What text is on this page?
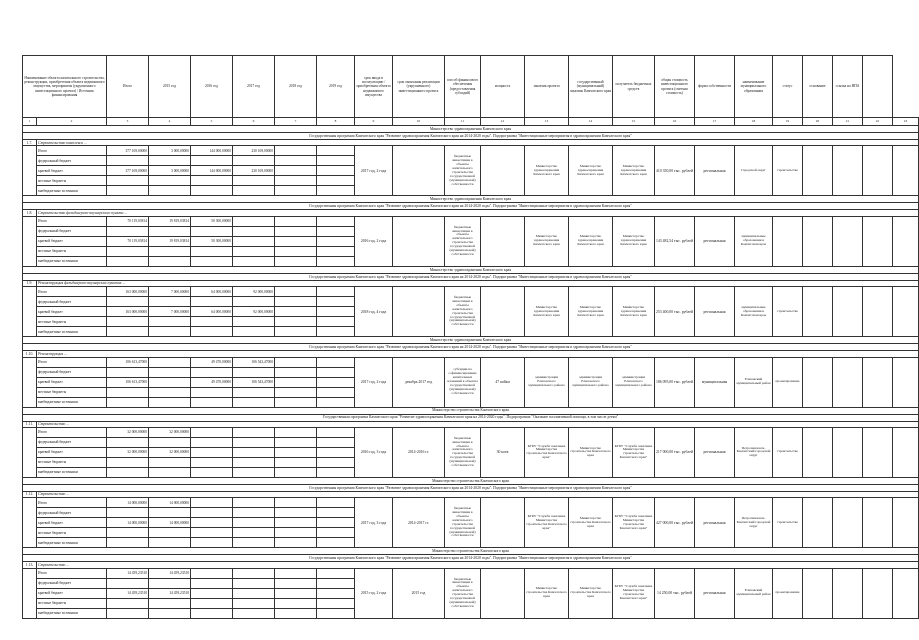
Наименование объекта капитального строительства, реконструкции, приобретения объекта недвижимого имущества, мероприятия (укрупненного инвестиционного проекта) / Источник финансирования		Итого	2015 год	2016 год	2017 год	2018 год	2019 год	срок ввода в эксплуатацию / приобретения объекта недвижимого имущества	срок окончания реализации (укрупненного) инвестиционного проекта	способ финансового обеспечения (предоставления субсидий)	мощность	заказчик проекта	государственный (муниципальный) заказчик Камчатского края	получатель бюджетных средств	общая стоимость инвестиционного проекта (сметная стоимость)	форма собственности	наименование муниципального образования	статус	основание	ссылка на НПА		
1	2	3	4	5	6	7	8	9	10	11	12	13	14	15	16	17	18	19	20	21	22	23
Министерство здравоохранения Камчатского края																						
Государственная программа Камчатского края "Развитие здравоохранения Камчатского края на 2014-2020 годы". Подпрограмма "Инвестиционные мероприятия в здравоохранении Камчатского края"																						
1.7.	Строительство комплекса ...																					
	Итого	377 169,00000	3 000,00000	144 000,00000	230 169,00000			2017 год, 2 года		бюджетные инвестиции в объекты капитального строительства государственной (муниципальной) собственности		Министерство здравоохранения Камчатского края	Министерство здравоохранения Камчатского края	Министерство здравоохранения Камчатского края	410 350,00 тыс. рублей	региональная	Городской округ	строительство				
	федеральный бюджет																					
	краевой бюджет	377 169,00000	3 000,00000	144 000,00000	230 169,00000																	
	местные бюджеты																					
	внебюджетные источники																					
Министерство здравоохранения Камчатского края																						
Государственная программа Камчатского края "Развитие здравоохранения Камчатского края на 2014-2020 годы". Подпрограмма "Инвестиционные мероприятия в здравоохранении Камчатского края"																						
1.8.	Строительство фельдшерско-акушерского пункта ...																					
	Итого	70 119,03814	19 819,03814	50 300,00000				2016 год, 2 года		бюджетные инвестиции в объекты капитального строительства государственной (муниципальной) собственности		Министерство здравоохранения Камчатского края	Министерство здравоохранения Камчатского края	Министерство здравоохранения Камчатского края	143 482,54 тыс. рублей	региональная	муниципальные образования в Камчатском крае					
	федеральный бюджет																					
	краевой бюджет	70 119,03814	19 819,03814	50 300,00000																		
	местные бюджеты																					
	внебюджетные источники																					
Министерство здравоохранения Камчатского края																						
Государственная программа Камчатского края "Развитие здравоохранения Камчатского края на 2014-2020 годы". Подпрограмма "Инвестиционные мероприятия в здравоохранении Камчатского края"																						
1.9.	Реконструкция фельдшерско-акушерских пунктов ...																					
	Итого	163 000,00000	7 000,00000	64 000,00000	92 000,00000			2018 год, 4 года		бюджетные инвестиции в объекты капитального строительства государственной (муниципальной) собственности		Министерство здравоохранения Камчатского края	Министерство здравоохранения Камчатского края	Министерство здравоохранения Камчатского края	253 400,00 тыс. рублей	региональная	муниципальные образования в Камчатском крае	строительство				
	федеральный бюджет																					
	краевой бюджет	163 000,00000	7 000,00000	64 000,00000	92 000,00000																	
	местные бюджеты																					
	внебюджетные источники																					
Министерство здравоохранения Камчатского края																						
Государственная программа Камчатского края "Развитие здравоохранения Камчатского края на 2014-2020 годы". Подпрограмма "Инвестиционные мероприятия в здравоохранении Камчатского края"																						
1.10.	Реконструкция ...																					
	Итого	106 613,47000		49 470,00000	106 543,47000			2017 год, 2 года	декабрь 2017 год	субсидии на софинансирование капитальных вложений в объекты государственной (муниципальной) собственности	47 койки	администрация Елизовского муниципального района	администрация Елизовского муниципального района	администрация Елизовского муниципального района	186 095,00 тыс. рублей	муниципальная	Елизовский муниципальный район	проектирование				
	федеральный бюджет																					
	краевой бюджет	106 613,47000		49 470,00000	106 543,47000																	
	местные бюджеты																					
	внебюджетные источники																					
Министерство строительства Камчатского края																						
Государственная программа Камчатского края "Развитие здравоохранения Камчатского края на 2014-2020 годы". Подпрограмма "Оказание паллиативной помощи, в том числе детям"																						
1.11.	Строительство ...																					
	Итого	32 000,00000	32 000,00000					2016 год, 3 года	2014-2016 гг.	бюджетные инвестиции в объекты капитального строительства государственной (муниципальной) собственности	30 коек	КГБУ "Служба заказчика Министерства строительства Камчатского края"	Министерство строительства Камчатского края	КГБУ "Служба заказчика Министерства строительства Камчатского края"	217 000,00 тыс. рублей	региональная	Петропавловск-Камчатский городской округ	строительство				
	федеральный бюджет																					
	краевой бюджет	32 000,00000	32 000,00000																			
	местные бюджеты																					
	внебюджетные источники																					
Министерство строительства Камчатского края																						
Государственная программа Камчатского края "Развитие здравоохранения Камчатского края на 2014-2020 годы". Подпрограмма "Инвестиционные мероприятия в здравоохранении Камчатского края"																						
1.12.	Строительство ...																					
	Итого	14 000,00000	14 000,00000					2017 год, 3 года	2014-2017 гг.	бюджетные инвестиции в объекты капитального строительства государственной (муниципальной) собственности		КГБУ "Служба заказчика Министерства строительства Камчатского края"	Министерство строительства Камчатского края	КГБУ "Служба заказчика Министерства строительства Камчатского края"	427 000,00 тыс. рублей	региональная	Петропавловск-Камчатский городской округ	строительство				
	федеральный бюджет																					
	краевой бюджет	14 000,00000	14 000,00000																			
	местные бюджеты																					
	внебюджетные источники																					
Министерство строительства Камчатского края																						
Государственная программа Камчатского края "Развитие здравоохранения Камчатского края на 2014-2020 годы". Подпрограмма "Инвестиционные мероприятия в здравоохранении Камчатского края"																						
1.13.	Строительство ...																					
	Итого	14 459,23510	14 459,23510					2015 год, 2 года	2015 год	бюджетные инвестиции в объекты капитального строительства государственной (муниципальной) собственности		Министерство строительства Камчатского края	Министерство строительства Камчатского края	КГБУ "Служба заказчика Министерства строительства Камчатского края"	14 250,00 тыс. рублей	региональная	Елизовский муниципальный район	проектирование				
	федеральный бюджет																					
	краевой бюджет	14 459,23510	14 459,23510																			
	местные бюджеты																					
	внебюджетные источники																					
